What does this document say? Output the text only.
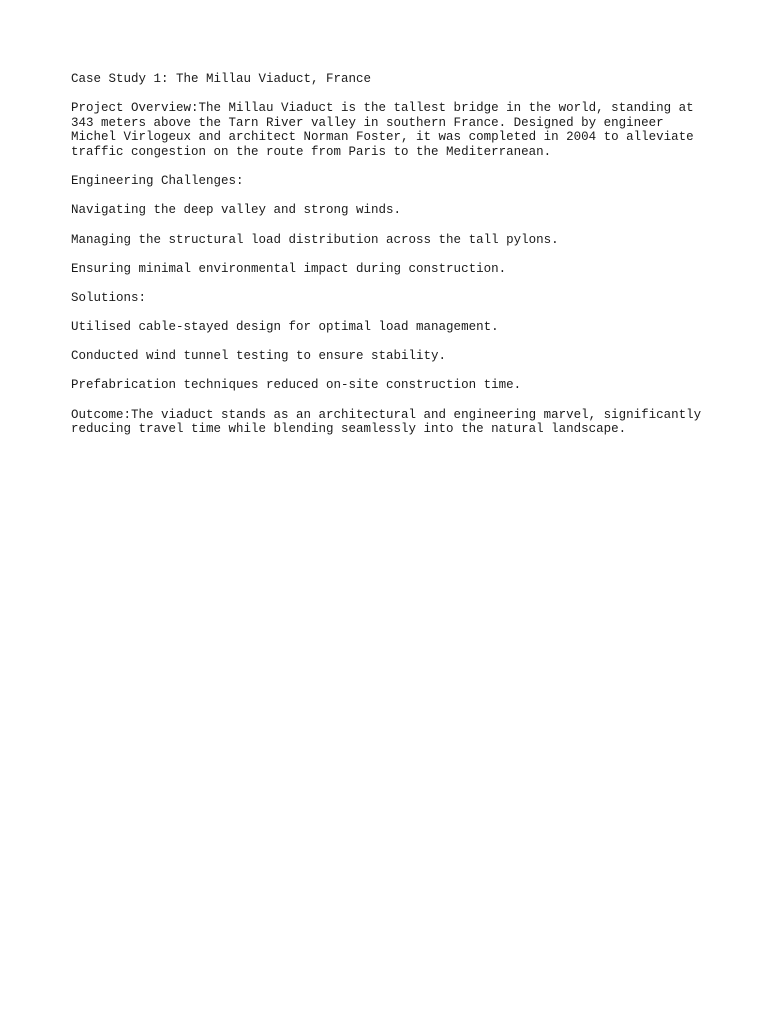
Case Study 1: The Millau Viaduct, France

Project Overview:The Millau Viaduct is the tallest bridge in the world, standing at 343 meters above the Tarn River valley in southern France. Designed by engineer Michel Virlogeux and architect Norman Foster, it was completed in 2004 to alleviate traffic congestion on the route from Paris to the Mediterranean.

Engineering Challenges:

Navigating the deep valley and strong winds.

Managing the structural load distribution across the tall pylons.

Ensuring minimal environmental impact during construction.

Solutions:

Utilised cable-stayed design for optimal load management.

Conducted wind tunnel testing to ensure stability.

Prefabrication techniques reduced on-site construction time.

Outcome:The viaduct stands as an architectural and engineering marvel, significantly reducing travel time while blending seamlessly into the natural landscape.
